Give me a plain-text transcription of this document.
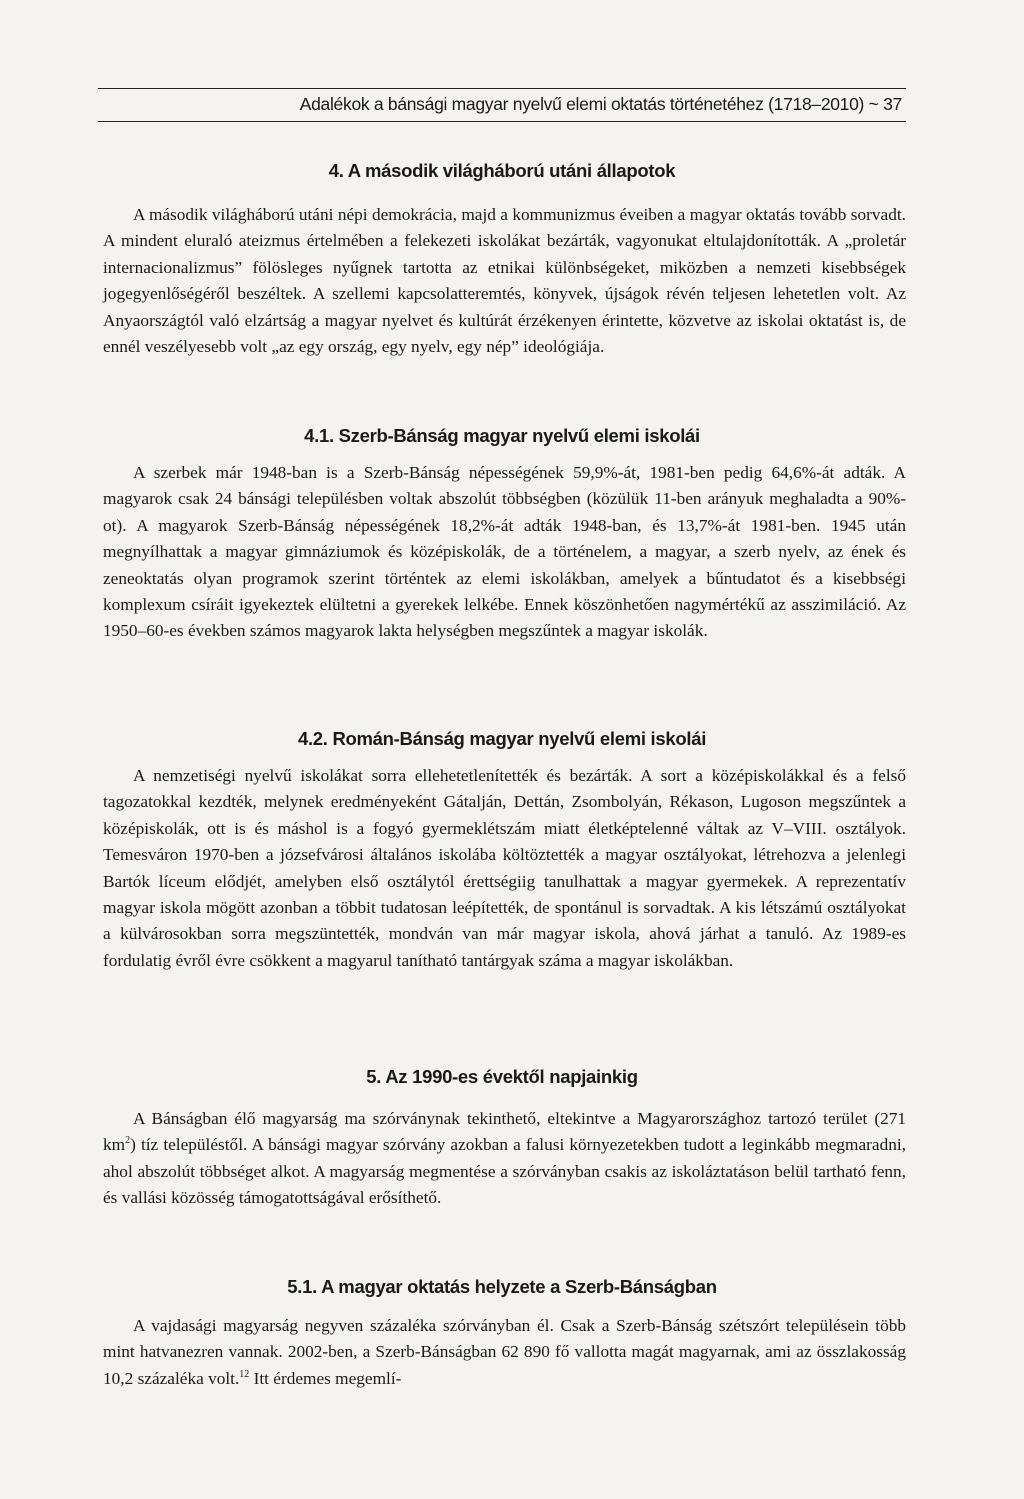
Adalékok a bánsági magyar nyelvű elemi oktatás történetéhez (1718–2010) ~ 37
4. A második világháború utáni állapotok

A második világháború utáni népi demokrácia, majd a kommunizmus éveiben a magyar oktatás tovább sorvadt. A mindent eluraló ateizmus értelmében a felekezeti iskolákat bezárták, vagyonukat eltulajdonították. A „proletár internacionalizmus” fölösleges nyűgnek tartotta az etnikai különbségeket, miközben a nemzeti kisebbségek jogegyenlőségéről beszéltek. A szellemi kapcsolatteremtés, könyvek, újságok révén teljesen lehetetlen volt. Az Anyaországtól való elzártság a magyar nyelvet és kultúrát érzékenyen érintette, közvetve az iskolai oktatást is, de ennél veszélyesebb volt „az egy ország, egy nyelv, egy nép” ideológiája.

4.1. Szerb-Bánság magyar nyelvű elemi iskolái

A szerbek már 1948-ban is a Szerb-Bánság népességének 59,9%-át, 1981-ben pedig 64,6%-át adták. A magyarok csak 24 bánsági településben voltak abszolút többségben (közülük 11-ben arányuk meghaladta a 90%-ot). A magyarok Szerb-Bánság népességének 18,2%-át adták 1948-ban, és 13,7%-át 1981-ben. 1945 után megnyílhattak a magyar gimnáziumok és középiskolák, de a történelem, a magyar, a szerb nyelv, az ének és zeneoktatás olyan programok szerint történtek az elemi iskolákban, amelyek a bűntudatot és a kisebbségi komplexum csíráit igyekeztek elültetni a gyerekek lelkébe. Ennek köszönhetően nagymértékű az asszimiláció. Az 1950–60-es években számos magyarok lakta helységben megszűntek a magyar iskolák.

4.2. Román-Bánság magyar nyelvű elemi iskolái

A nemzetiségi nyelvű iskolákat sorra ellehetetlenítették és bezárták. A sort a középiskolákkal és a felső tagozatokkal kezdték, melynek eredményeként Gátalján, Dettán, Zsombolyán, Rékason, Lugoson megszűntek a középiskolák, ott is és máshol is a fogyó gyermeklétszám miatt életképtelenné váltak az V–VIII. osztályok. Temesváron 1970-ben a józsefvárosi általános iskolába költöztették a magyar osztályokat, létrehozva a jelenlegi Bartók líceum elődjét, amelyben első osztálytól érettségiig tanulhattak a magyar gyermekek. A reprezentatív magyar iskola mögött azonban a többit tudatosan leépítették, de spontánul is sorvadtak. A kis létszámú osztályokat a külvárosokban sorra megszüntették, mondván van már magyar iskola, ahová járhat a tanuló. Az 1989-es fordulatig évről évre csökkent a magyarul tanítható tantárgyak száma a magyar iskolákban.

5. Az 1990-es évektől napjainkig

A Bánságban élő magyarság ma szórványnak tekinthető, eltekintve a Magyarországhoz tartozó terület (271 $km^2$) tíz településtől. A bánsági magyar szórvány azokban a falusi környezetekben tudott a leginkább megmaradni, ahol abszolút többséget alkot. A magyarság megmentése a szórványban csakis az iskoláztatáson belül tartható fenn, és vallási közösség támogatottságával erősíthető.

5.1. A magyar oktatás helyzete a Szerb-Bánságban

A vajdasági magyarság negyven százaléka szórványban él. Csak a Szerb-Bánság szétszórt településein több mint hatvanezren vannak. 2002-ben, a Szerb-Bánságban 62 890 fő vallotta magát magyarnak, ami az összlakosság 10,2 százaléka volt.$^{12}$ Itt érdemes megemlí-
